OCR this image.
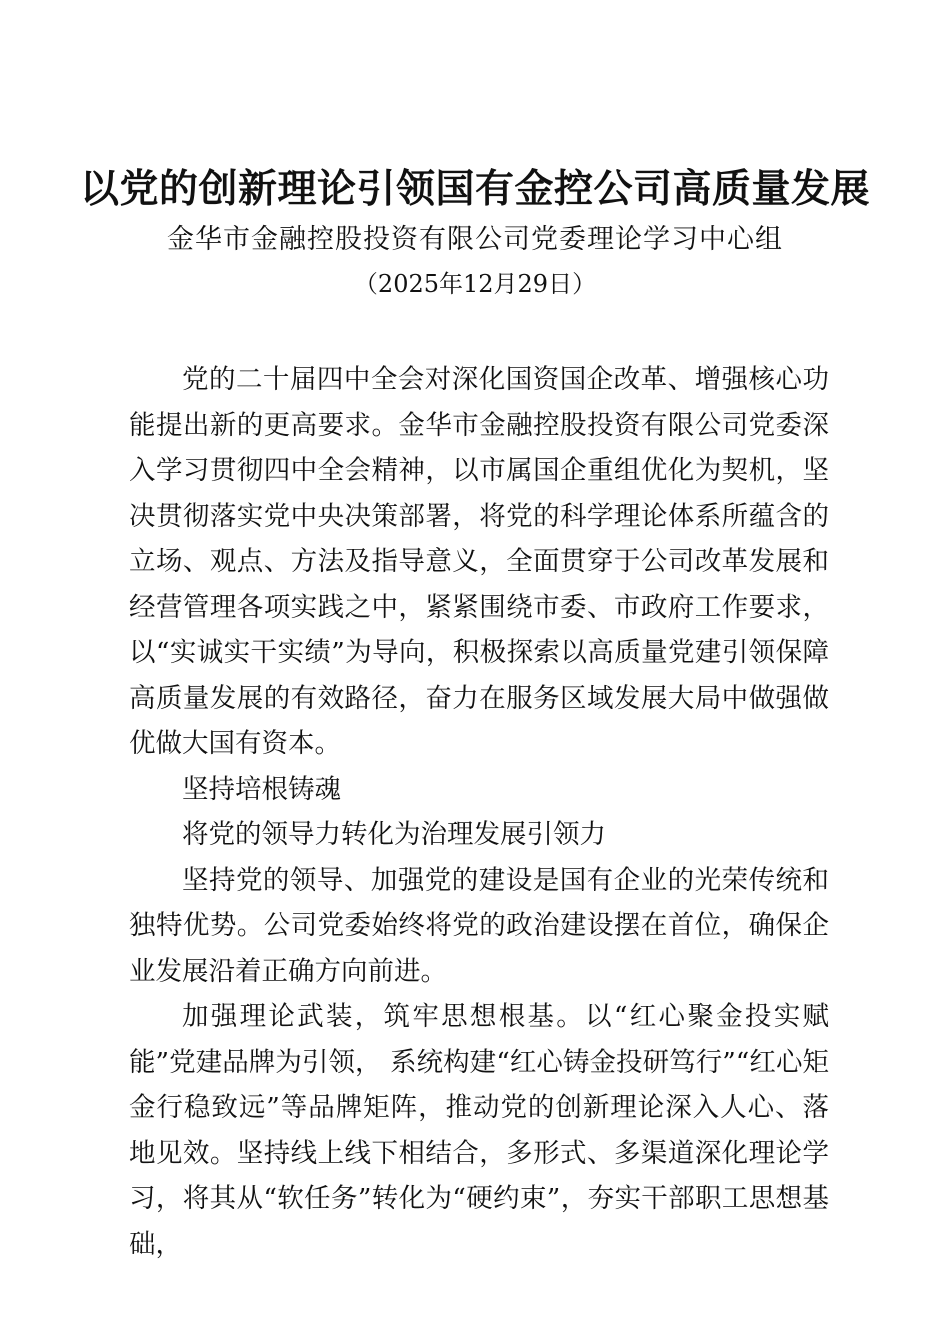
以党的创新理论引领国有金控公司高质量发展
金华市金融控股投资有限公司党委理论学习中心组
（2025年12月29日）

党的二十届四中全会对深化国资国企改革、增强核心功能提出新的更高要求。金华市金融控股投资有限公司党委深入学习贯彻四中全会精神，以市属国企重组优化为契机，坚决贯彻落实党中央决策部署，将党的科学理论体系所蕴含的立场、观点、方法及指导意义，全面贯穿于公司改革发展和经营管理各项实践之中，紧紧围绕市委、市政府工作要求，以“实诚实干实绩”为导向，积极探索以高质量党建引领保障高质量发展的有效路径，奋力在服务区域发展大局中做强做优做大国有资本。

坚持培根铸魂

将党的领导力转化为治理发展引领力

坚持党的领导、加强党的建设是国有企业的光荣传统和独特优势。公司党委始终将党的政治建设摆在首位，确保企业发展沿着正确方向前进。

加强理论武装，筑牢思想根基。以“红心聚金投实赋能”党建品牌为引领， 系统构建“红心铸金投研笃行”“红心矩金行稳致远”等品牌矩阵，推动党的创新理论深入人心、落地见效。坚持线上线下相结合，多形式、多渠道深化理论学习，将其从“软任务”转化为“硬约束”，夯实干部职工思想基础，
